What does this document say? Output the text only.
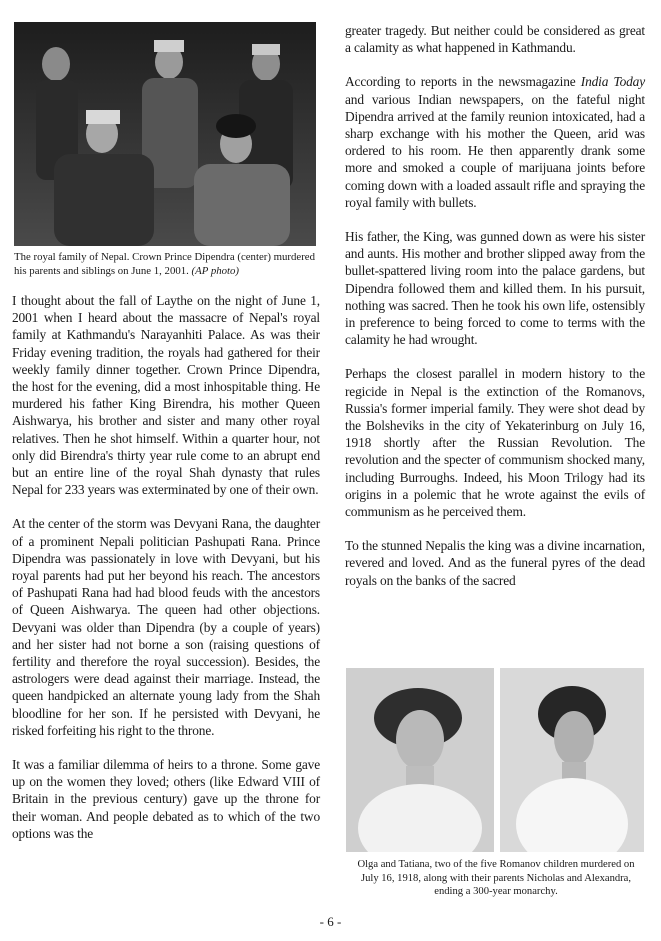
The royal family of Nepal. Crown Prince Dipendra (center) murdered his parents and siblings on June 1, 2001. (AP photo)

I thought about the fall of Laythe on the night of June 1, 2001 when I heard about the massacre of Nepal's royal family at Kathmandu's Narayanhiti Palace. As was their Friday evening tradition, the royals had gathered for their weekly family dinner together. Crown Prince Dipendra, the host for the evening, did a most inhospitable thing. He murdered his father King Birendra, his mother Queen Aishwarya, his brother and sister and many other royal relatives. Then he shot himself. Within a quarter hour, not only did Birendra's thirty year rule come to an abrupt end but an entire line of the royal Shah dynasty that rules Nepal for 233 years was exterminated by one of their own.

At the center of the storm was Devyani Rana, the daughter of a prominent Nepali politician Pashupati Rana. Prince Dipendra was passionately in love with Devyani, but his royal parents had put her beyond his reach. The ancestors of Pashupati Rana had had blood feuds with the ancestors of Queen Aishwarya. The queen had other objections. Devyani was older than Dipendra (by a couple of years) and her sister had not borne a son (raising questions of fertility and therefore the royal succession). Besides, the astrologers were dead against their marriage. Instead, the queen handpicked an alternate young lady from the Shah bloodline for her son. If he persisted with Devyani, he risked forfeiting his right to the throne.

It was a familiar dilemma of heirs to a throne. Some gave up on the women they loved; others (like Edward VIII of Britain in the previous century) gave up the throne for their woman. And people debated as to which of the two options was the

greater tragedy. But neither could be considered as great a calamity as what happened in Kathmandu.

According to reports in the newsmagazine India Today and various Indian newspapers, on the fateful night Dipendra arrived at the family reunion intoxicated, had a sharp exchange with his mother the Queen, arid was ordered to his room. He then apparently drank some more and smoked a couple of marijuana joints before coming down with a loaded assault rifle and spraying the royal family with bullets.

His father, the King, was gunned down as were his sister and aunts. His mother and brother slipped away from the bullet-spattered living room into the palace gardens, but Dipendra followed them and killed them. In his pursuit, nothing was sacred. Then he took his own life, ostensibly in preference to being forced to come to terms with the calamity he had wrought.

Perhaps the closest parallel in modern history to the regicide in Nepal is the extinction of the Romanovs, Russia's former imperial family. They were shot dead by the Bolsheviks in the city of Yekaterinburg on July 16, 1918 shortly after the Russian Revolution. The revolution and the specter of communism shocked many, including Burroughs. Indeed, his Moon Trilogy had its origins in a polemic that he wrote against the evils of communism as he perceived them.

To the stunned Nepalis the king was a divine incarnation, revered and loved. And as the funeral pyres of the dead royals on the banks of the sacred

Olga and Tatiana, two of the five Romanov children murdered on July 16, 1918, along with their parents Nicholas and Alexandra, ending a 300-year monarchy.

- 6 -
